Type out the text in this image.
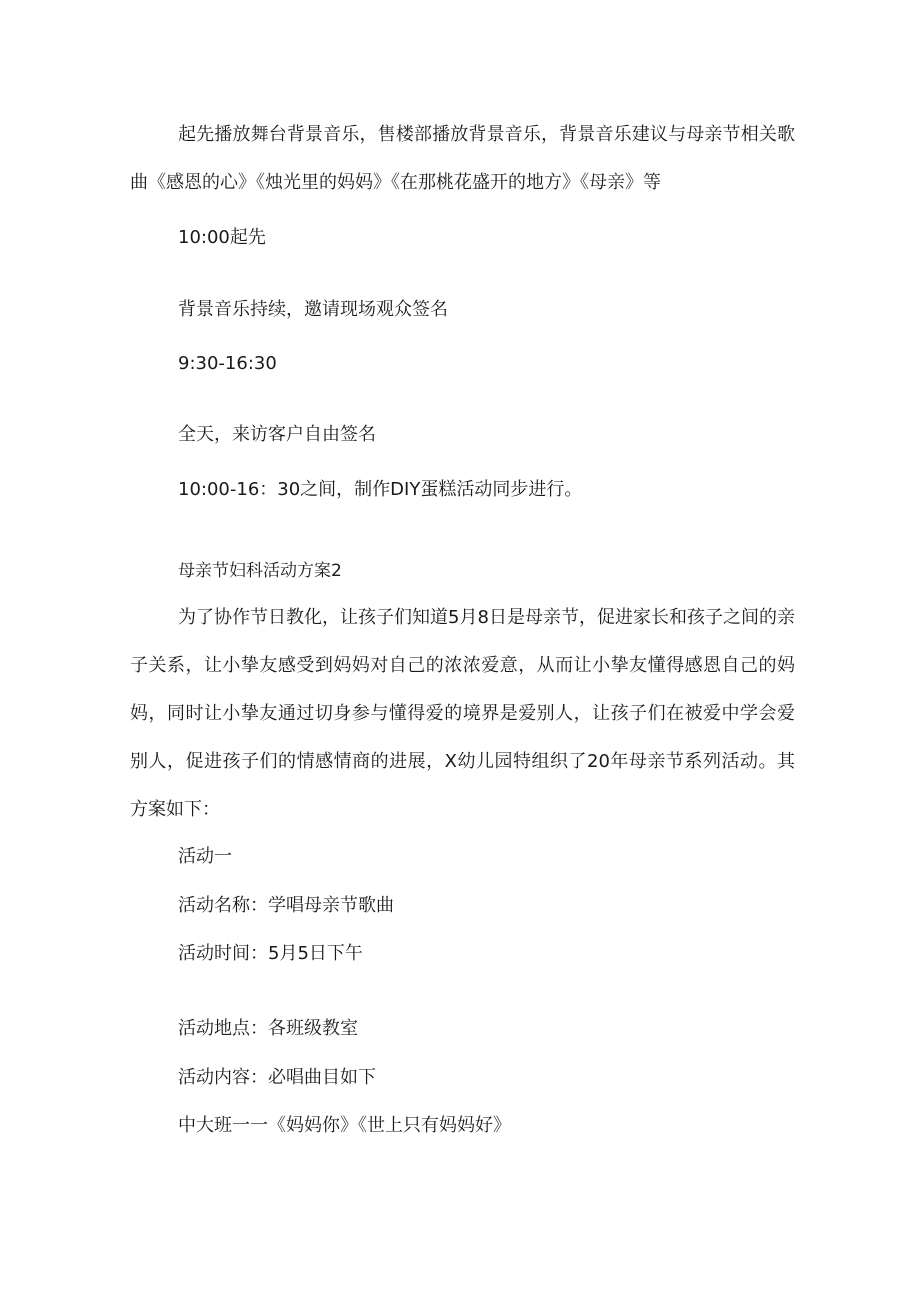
起先播放舞台背景音乐，售楼部播放背景音乐，背景音乐建议与母亲节相关歌曲《感恩的心》《烛光里的妈妈》《在那桃花盛开的地方》《母亲》等
10:00起先
背景音乐持续，邀请现场观众签名
9:30-16:30
全天，来访客户自由签名
10:00-16：30之间，制作DIY蛋糕活动同步进行。
母亲节妇科活动方案2
为了协作节日教化，让孩子们知道5月8日是母亲节，促进家长和孩子之间的亲子关系，让小挚友感受到妈妈对自己的浓浓爱意，从而让小挚友懂得感恩自己的妈妈，同时让小挚友通过切身参与懂得爱的境界是爱别人，让孩子们在被爱中学会爱别人，促进孩子们的情感情商的进展，X幼儿园特组织了20年母亲节系列活动。其方案如下：
活动一
活动名称：学唱母亲节歌曲
活动时间：5月5日下午
活动地点：各班级教室
活动内容：必唱曲目如下
中大班一一《妈妈你》《世上只有妈妈好》
